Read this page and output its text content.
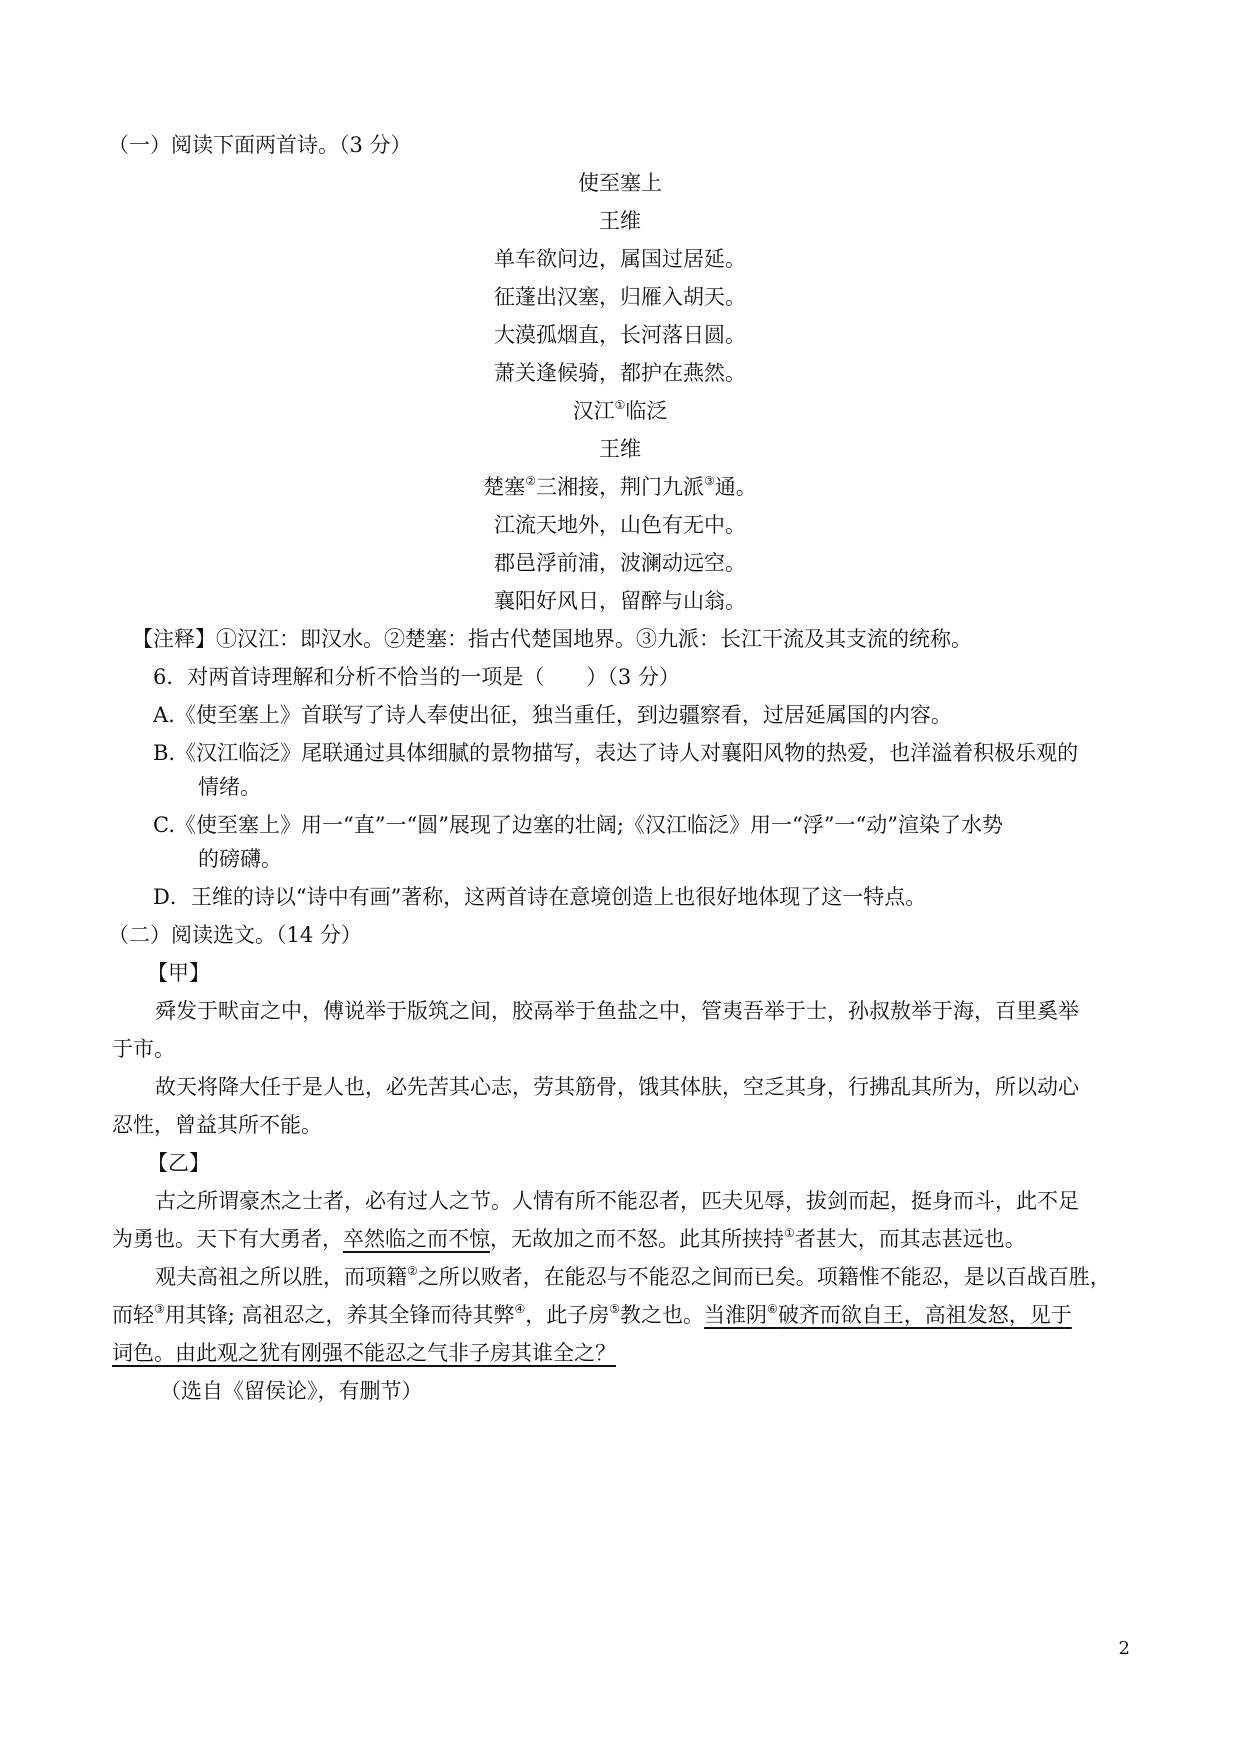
（一）阅读下面两首诗。（3 分）
使至塞上
王维
单车欲问边，属国过居延。
征蓬出汉塞，归雁入胡天。
大漠孤烟直，长河落日圆。
萧关逢候骑，都护在燕然。
汉江①临泛
王维
楚塞②三湘接，荆门九派③通。
江流天地外，山色有无中。
郡邑浮前浦，波澜动远空。
襄阳好风日，留醉与山翁。
【注释】①汉江：即汉水。②楚塞：指古代楚国地界。③九派：长江干流及其支流的统称。
6．对两首诗理解和分析不恰当的一项是（　　）（3 分）
A.《使至塞上》首联写了诗人奉使出征，独当重任，到边疆察看，过居延属国的内容。
B.《汉江临泛》尾联通过具体细腻的景物描写，表达了诗人对襄阳风物的热爱，也洋溢着积极乐观的
情绪。
C.《使至塞上》用一“直”一“圆”展现了边塞的壮阔;《汉江临泛》用一“浮”一“动”渲染了水势
的磅礴。
D．王维的诗以“诗中有画”著称，这两首诗在意境创造上也很好地体现了这一特点。
（二）阅读选文。（14 分）
【甲】
舜发于畎亩之中，傅说举于版筑之间，胶鬲举于鱼盐之中，管夷吾举于士，孙叔敖举于海，百里奚举
于市。
故天将降大任于是人也，必先苦其心志，劳其筋骨，饿其体肤，空乏其身，行拂乱其所为，所以动心
忍性，曾益其所不能。
【乙】
古之所谓豪杰之士者，必有过人之节。人情有所不能忍者，匹夫见辱，拔剑而起，挺身而斗，此不足
为勇也。天下有大勇者，卒然临之而不惊，无故加之而不怒。此其所挟持①者甚大，而其志甚远也。
观夫高祖之所以胜，而项籍②之所以败者，在能忍与不能忍之间而已矣。项籍惟不能忍，是以百战百胜，
而轻③用其锋; 高祖忍之，养其全锋而待其弊④，此子房⑤教之也。当淮阴⑥破齐而欲自王，高祖发怒，见于
词色。由此观之犹有刚强不能忍之气非子房其谁全之？
（选自《留侯论》，有删节）
2
